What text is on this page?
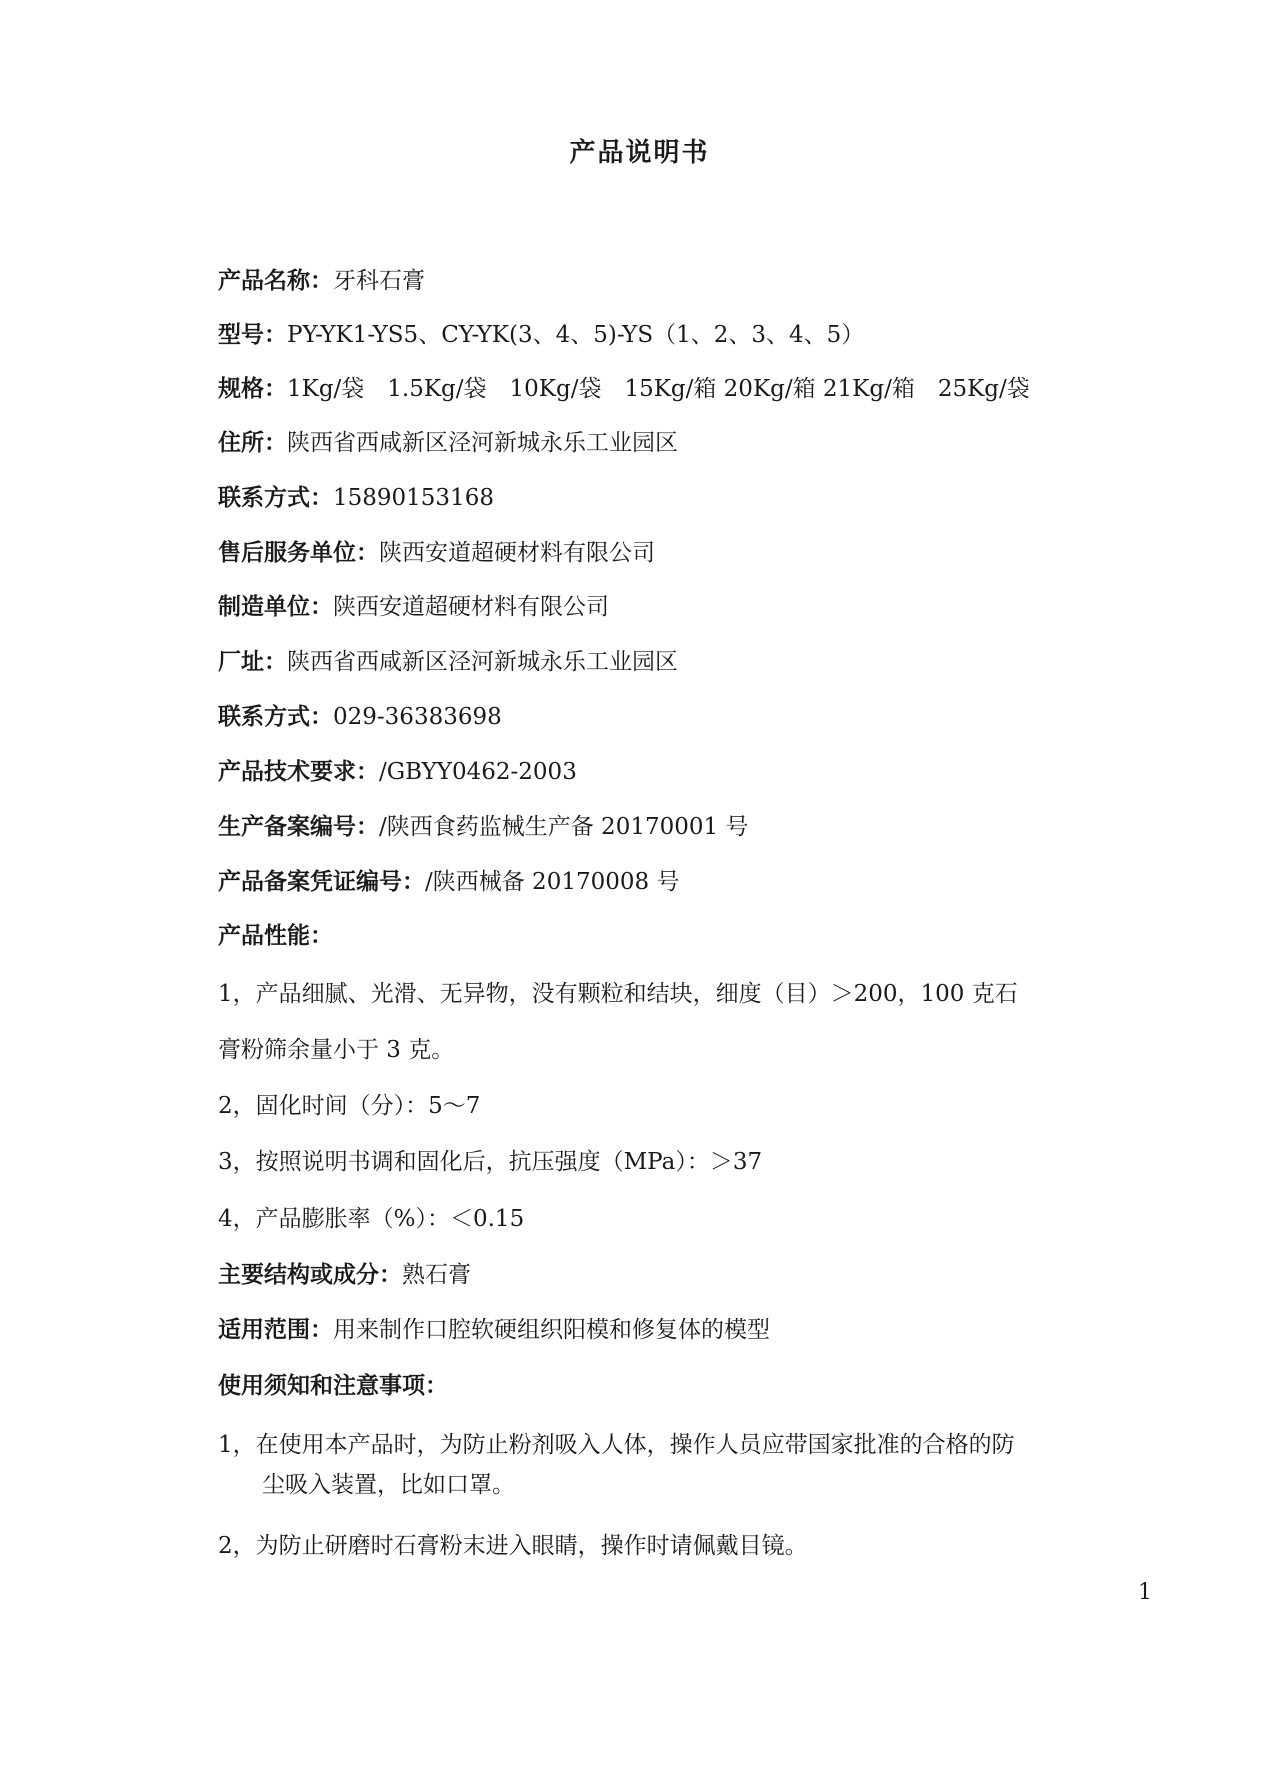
产品说明书
产品名称：牙科石膏
型号：PY-YK1-YS5、CY-YK(3、4、5)-YS（1、2、3、4、5）
规格：1Kg/袋　1.5Kg/袋　10Kg/袋　15Kg/箱 20Kg/箱 21Kg/箱　25Kg/袋
住所：陕西省西咸新区泾河新城永乐工业园区
联系方式：15890153168
售后服务单位：陕西安道超硬材料有限公司
制造单位：陕西安道超硬材料有限公司
厂址：陕西省西咸新区泾河新城永乐工业园区
联系方式：029-36383698
产品技术要求：/GBYY0462-2003
生产备案编号：/陕西食药监械生产备 20170001 号
产品备案凭证编号：/陕西械备 20170008 号
产品性能：
1，产品细腻、光滑、无异物，没有颗粒和结块，细度（目）＞200，100 克石
膏粉筛余量小于 3 克。
2，固化时间（分）：5～7
3，按照说明书调和固化后，抗压强度（MPa）：＞37
4，产品膨胀率（%）：＜0.15
主要结构或成分：熟石膏
适用范围：用来制作口腔软硬组织阳模和修复体的模型
使用须知和注意事项：
1，在使用本产品时，为防止粉剂吸入人体，操作人员应带国家批准的合格的防
尘吸入装置，比如口罩。
2，为防止研磨时石膏粉末进入眼睛，操作时请佩戴目镜。
1
